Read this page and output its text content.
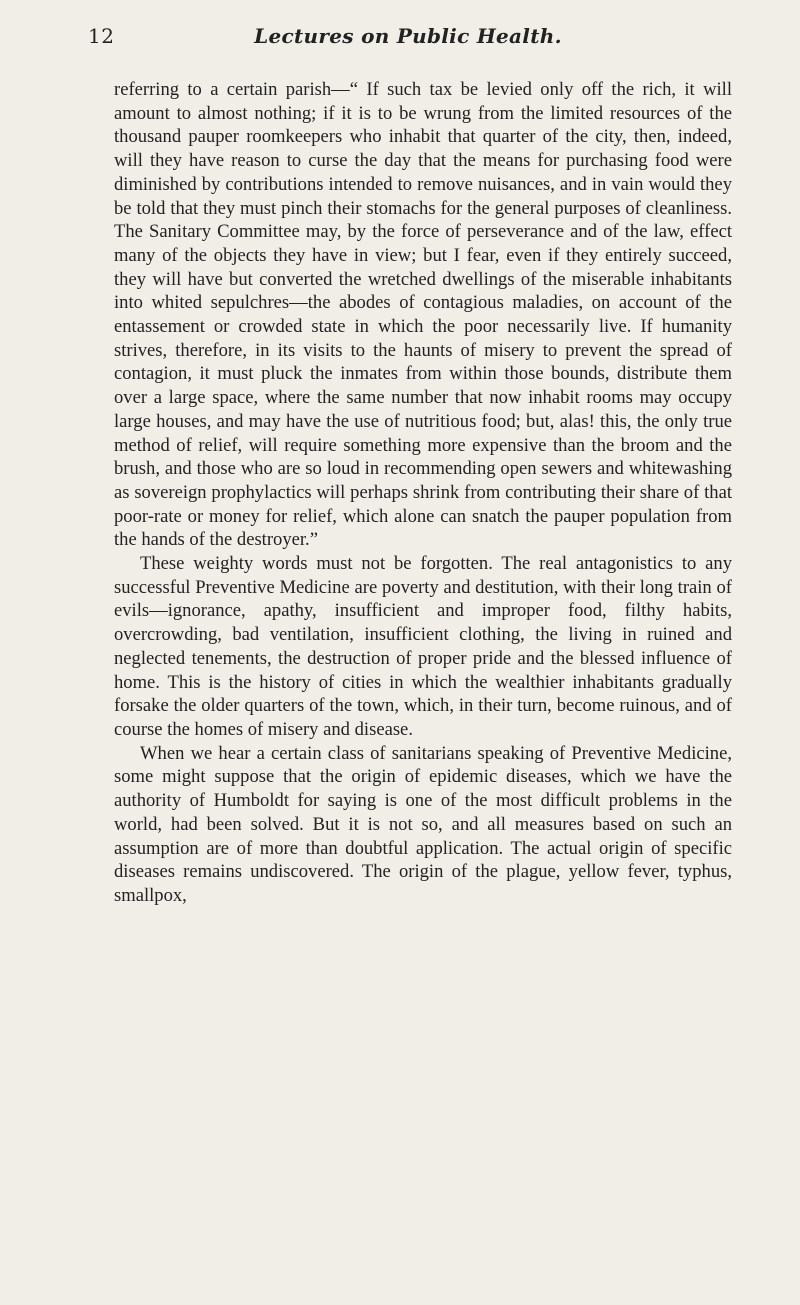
12	Lectures on Public Health.

referring to a certain parish—“ If such tax be levied only off the rich, it will amount to almost nothing; if it is to be wrung from the limited resources of the thousand pauper roomkeepers who inhabit that quarter of the city, then, indeed, will they have reason to curse the day that the means for purchasing food were diminished by contributions intended to remove nuisances, and in vain would they be told that they must pinch their stomachs for the general purposes of cleanliness. The Sanitary Committee may, by the force of perseverance and of the law, effect many of the objects they have in view; but I fear, even if they entirely succeed, they will have but converted the wretched dwellings of the miserable inhabitants into whited sepulchres—the abodes of contagious maladies, on account of the entassement or crowded state in which the poor necessarily live. If humanity strives, therefore, in its visits to the haunts of misery to prevent the spread of contagion, it must pluck the inmates from within those bounds, distribute them over a large space, where the same number that now inhabit rooms may occupy large houses, and may have the use of nutritious food; but, alas! this, the only true method of relief, will require something more expensive than the broom and the brush, and those who are so loud in recommending open sewers and whitewashing as sovereign prophylactics will perhaps shrink from contributing their share of that poor-rate or money for relief, which alone can snatch the pauper population from the hands of the destroyer.”

These weighty words must not be forgotten. The real antagonistics to any successful Preventive Medicine are poverty and destitution, with their long train of evils—ignorance, apathy, insufficient and improper food, filthy habits, overcrowding, bad ventilation, insufficient clothing, the living in ruined and neglected tenements, the destruction of proper pride and the blessed influence of home. This is the history of cities in which the wealthier inhabitants gradually forsake the older quarters of the town, which, in their turn, become ruinous, and of course the homes of misery and disease.

When we hear a certain class of sanitarians speaking of Preventive Medicine, some might suppose that the origin of epidemic diseases, which we have the authority of Humboldt for saying is one of the most difficult problems in the world, had been solved. But it is not so, and all measures based on such an assumption are of more than doubtful application. The actual origin of specific diseases remains undiscovered. The origin of the plague, yellow fever, typhus, smallpox,
